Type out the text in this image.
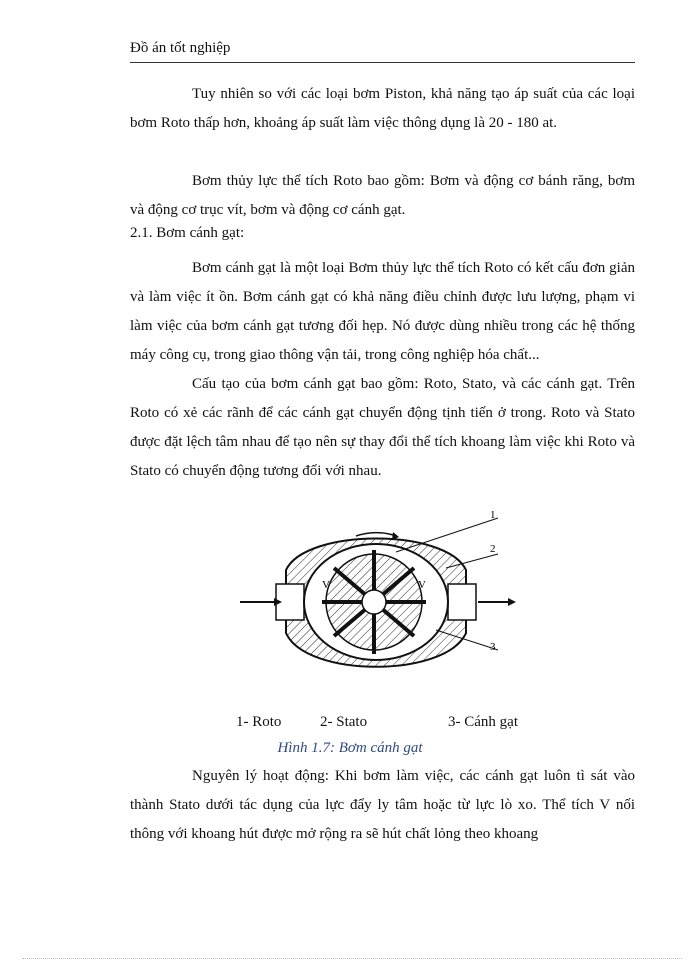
Đồ án tốt nghiệp

Tuy nhiên so với các loại bơm Piston, khả năng tạo áp suất của các loại bơm Roto thấp hơn, khoảng áp suất làm việc thông dụng là 20 - 180 at.

Bơm thủy lực thể tích Roto bao gồm: Bơm và động cơ bánh răng, bơm và động cơ trục vít, bơm và động cơ cánh gạt.

2.1. Bơm cánh gạt:

Bơm cánh gạt là một loại Bơm thủy lực thể tích Roto có kết cấu đơn giản và làm việc ít ồn. Bơm cánh gạt có khả năng điều chỉnh được lưu lượng, phạm vi làm việc của bơm cánh gạt tương đối hẹp. Nó được dùng nhiều trong các hệ thống máy công cụ, trong giao thông vận tải, trong công nghiệp hóa chất...

Cấu tạo của bơm cánh gạt bao gồm: Roto, Stato, và các cánh gạt. Trên Roto có xẻ các rãnh để các cánh gạt chuyển động tịnh tiến ở trong. Roto và Stato được đặt lệch tâm nhau để tạo nên sự thay đổi thể tích khoang làm việc khi Roto và Stato có chuyển động tương đối với nhau.

V	V
1
2
3
1- Roto	2- Stato	3- Cánh gạt
Hình 1.7: Bơm cánh gạt

Nguyên lý hoạt động: Khi bơm làm việc, các cánh gạt luôn tì sát vào thành Stato dưới tác dụng của lực đẩy ly tâm hoặc từ lực lò xo. Thể tích V nối thông với khoang hút được mở rộng ra sẽ hút chất lỏng theo khoang
